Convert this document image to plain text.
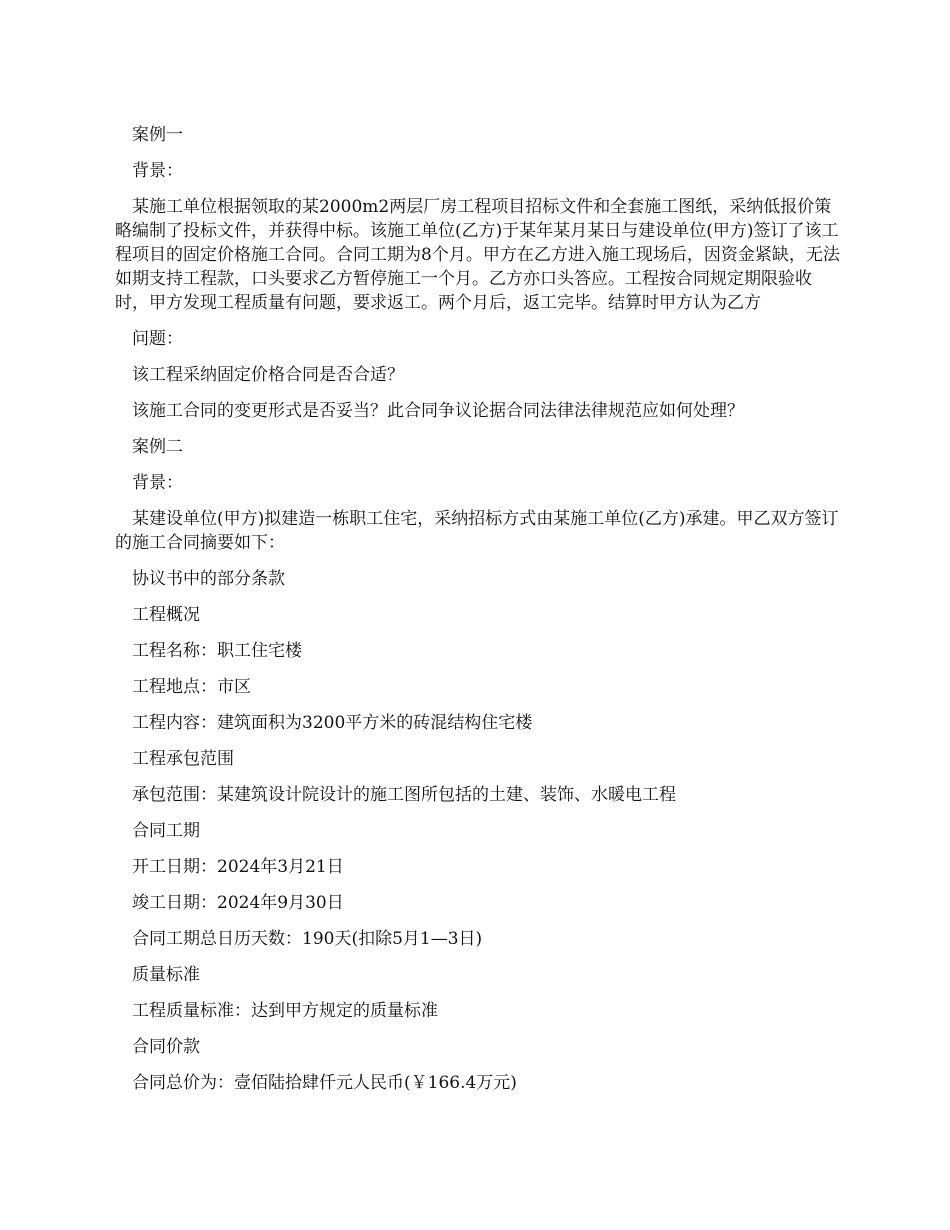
案例一

背景：

某施工单位根据领取的某2000m2两层厂房工程项目招标文件和全套施工图纸，采纳低报价策略编制了投标文件，并获得中标。该施工单位(乙方)于某年某月某日与建设单位(甲方)签订了该工程项目的固定价格施工合同。合同工期为8个月。甲方在乙方进入施工现场后，因资金紧缺，无法如期支持工程款，口头要求乙方暂停施工一个月。乙方亦口头答应。工程按合同规定期限验收时，甲方发现工程质量有问题，要求返工。两个月后，返工完毕。结算时甲方认为乙方

问题：

该工程采纳固定价格合同是否合适？

该施工合同的变更形式是否妥当？此合同争议论据合同法律法律规范应如何处理？

案例二

背景：

某建设单位(甲方)拟建造一栋职工住宅，采纳招标方式由某施工单位(乙方)承建。甲乙双方签订的施工合同摘要如下：

协议书中的部分条款

工程概况

工程名称：职工住宅楼

工程地点：市区

工程内容：建筑面积为3200平方米的砖混结构住宅楼

工程承包范围

承包范围：某建筑设计院设计的施工图所包括的土建、装饰、水暖电工程

合同工期

开工日期：2024年3月21日

竣工日期：2024年9月30日

合同工期总日历天数：190天(扣除5月1—3日)

质量标准

工程质量标准：达到甲方规定的质量标准

合同价款

合同总价为：壹佰陆拾肆仟元人民币(￥166.4万元)
